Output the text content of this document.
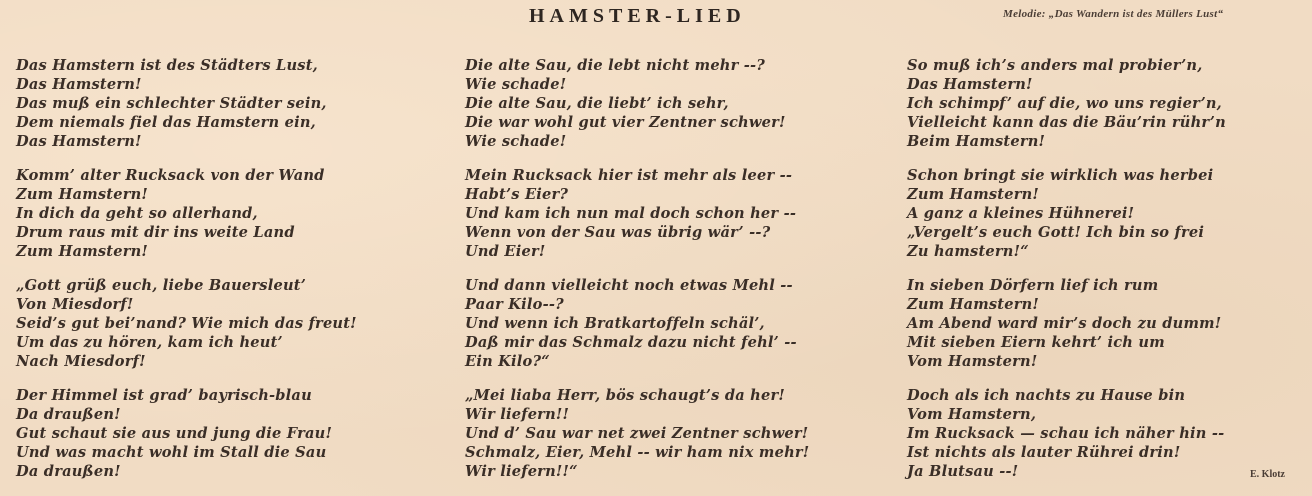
HAMSTER-LIED	Melodie: „Das Wandern ist des Müllers Lust“
Das Hamstern ist des Städters Lust,
Das Hamstern!
Das muß ein schlechter Städter sein,
Dem niemals fiel das Hamstern ein,
Das Hamstern!
Komm’ alter Rucksack von der Wand
Zum Hamstern!
In dich da geht so allerhand,
Drum raus mit dir ins weite Land
Zum Hamstern!
„Gott grüß euch, liebe Bauersleut’
Von Miesdorf!
Seid’s gut bei’nand? Wie mich das freut!
Um das zu hören, kam ich heut’
Nach Miesdorf!
Der Himmel ist grad’ bayrisch-blau
Da draußen!
Gut schaut sie aus und jung die Frau!
Und was macht wohl im Stall die Sau
Da draußen!
Die alte Sau, die lebt nicht mehr --?
Wie schade!
Die alte Sau, die liebt’ ich sehr,
Die war wohl gut vier Zentner schwer!
Wie schade!
Mein Rucksack hier ist mehr als leer --
Habt’s Eier?
Und kam ich nun mal doch schon her --
Wenn von der Sau was übrig wär’ --?
Und Eier!
Und dann vielleicht noch etwas Mehl --
Paar Kilo--?
Und wenn ich Bratkartoffeln schäl’,
Daß mir das Schmalz dazu nicht fehl’ --
Ein Kilo?“
„Mei liaba Herr, bös schaugt’s da her!
Wir liefern!!
Und d’ Sau war net zwei Zentner schwer!
Schmalz, Eier, Mehl -- wir ham nix mehr!
Wir liefern!!“
So muß ich’s anders mal probier’n,
Das Hamstern!
Ich schimpf’ auf die, wo uns regier’n,
Vielleicht kann das die Bäu’rin rühr’n
Beim Hamstern!
Schon bringt sie wirklich was herbei
Zum Hamstern!
A ganz a kleines Hühnerei!
„Vergelt’s euch Gott! Ich bin so frei
Zu hamstern!“
In sieben Dörfern lief ich rum
Zum Hamstern!
Am Abend ward mir’s doch zu dumm!
Mit sieben Eiern kehrt’ ich um
Vom Hamstern!
Doch als ich nachts zu Hause bin
Vom Hamstern,
Im Rucksack — schau ich näher hin --
Ist nichts als lauter Rührei drin!
Ja Blutsau --!	E. Klotz
